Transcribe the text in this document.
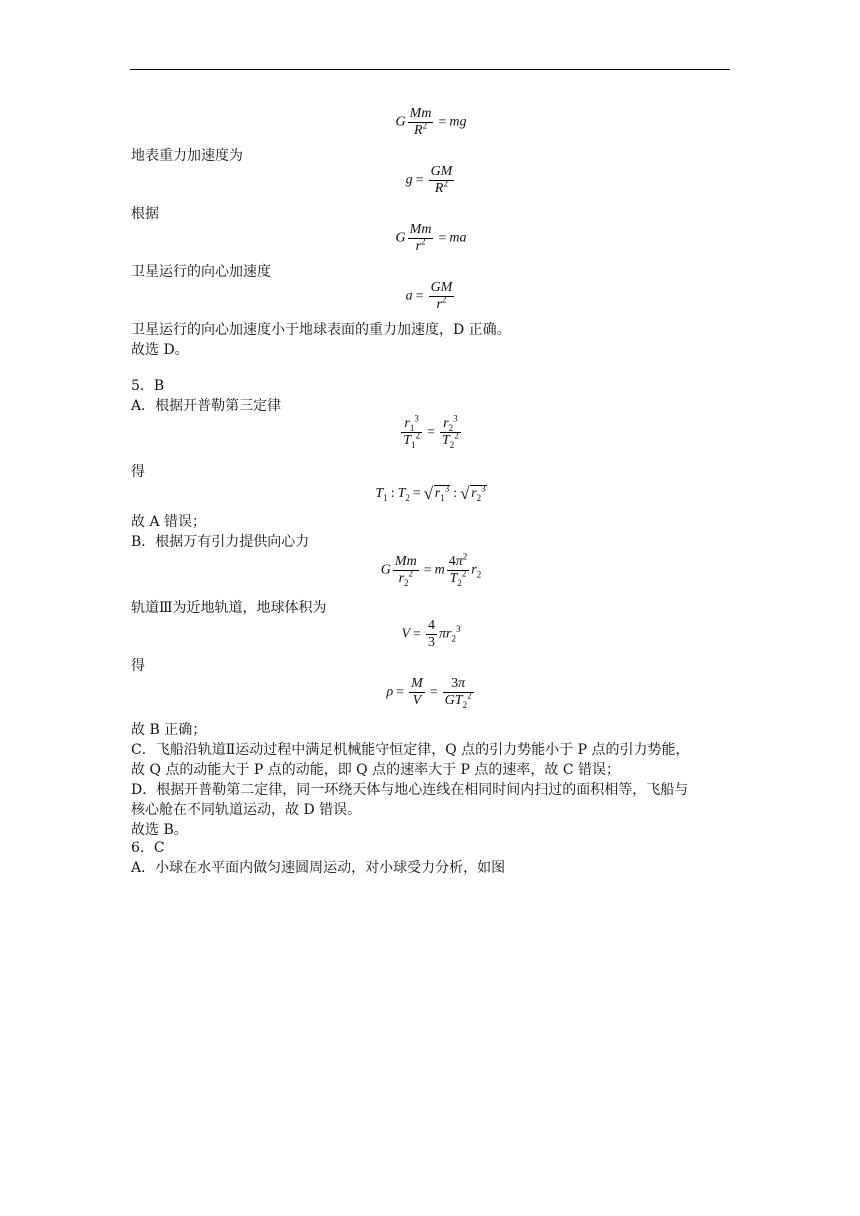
G $\frac{Mm}{R^2}$ = mg
地表重力加速度为
$g = \frac{GM}{R^2}$
根据
G $\frac{Mm}{r^2}$ = ma
卫星运行的向心加速度
$a = \frac{GM}{r^2}$
卫星运行的向心加速度小于地球表面的重力加速度，D 正确。
故选 D。
5．B
A．根据开普勒第三定律
$\frac{r_1^3}{T_1^2} = \frac{r_2^3}{T_2^2}$
得
$T_1$ : $T_2$ = √ $r_1^3$ : √ $r_2^3$
故 A 错误；
B．根据万有引力提供向心力
G $\frac{Mm}{r_2^2} = m \frac{4\pi^2}{T_2^2} r_2$
轨道Ⅲ为近地轨道，地球体积为
$V = \frac{4}{3} \pi r_2^3$
得
$\rho = \frac{M}{V} = \frac{3\pi}{GT_2^2}$
故 B 正确；
C．飞船沿轨道Ⅱ运动过程中满足机械能守恒定律，Q 点的引力势能小于 P 点的引力势能，
故 Q 点的动能大于 P 点的动能，即 Q 点的速率大于 P 点的速率，故 C 错误；
D．根据开普勒第二定律，同一环绕天体与地心连线在相同时间内扫过的面积相等，飞船与
核心舱在不同轨道运动，故 D 错误。
故选 B。
6．C
A．小球在水平面内做匀速圆周运动，对小球受力分析，如图
